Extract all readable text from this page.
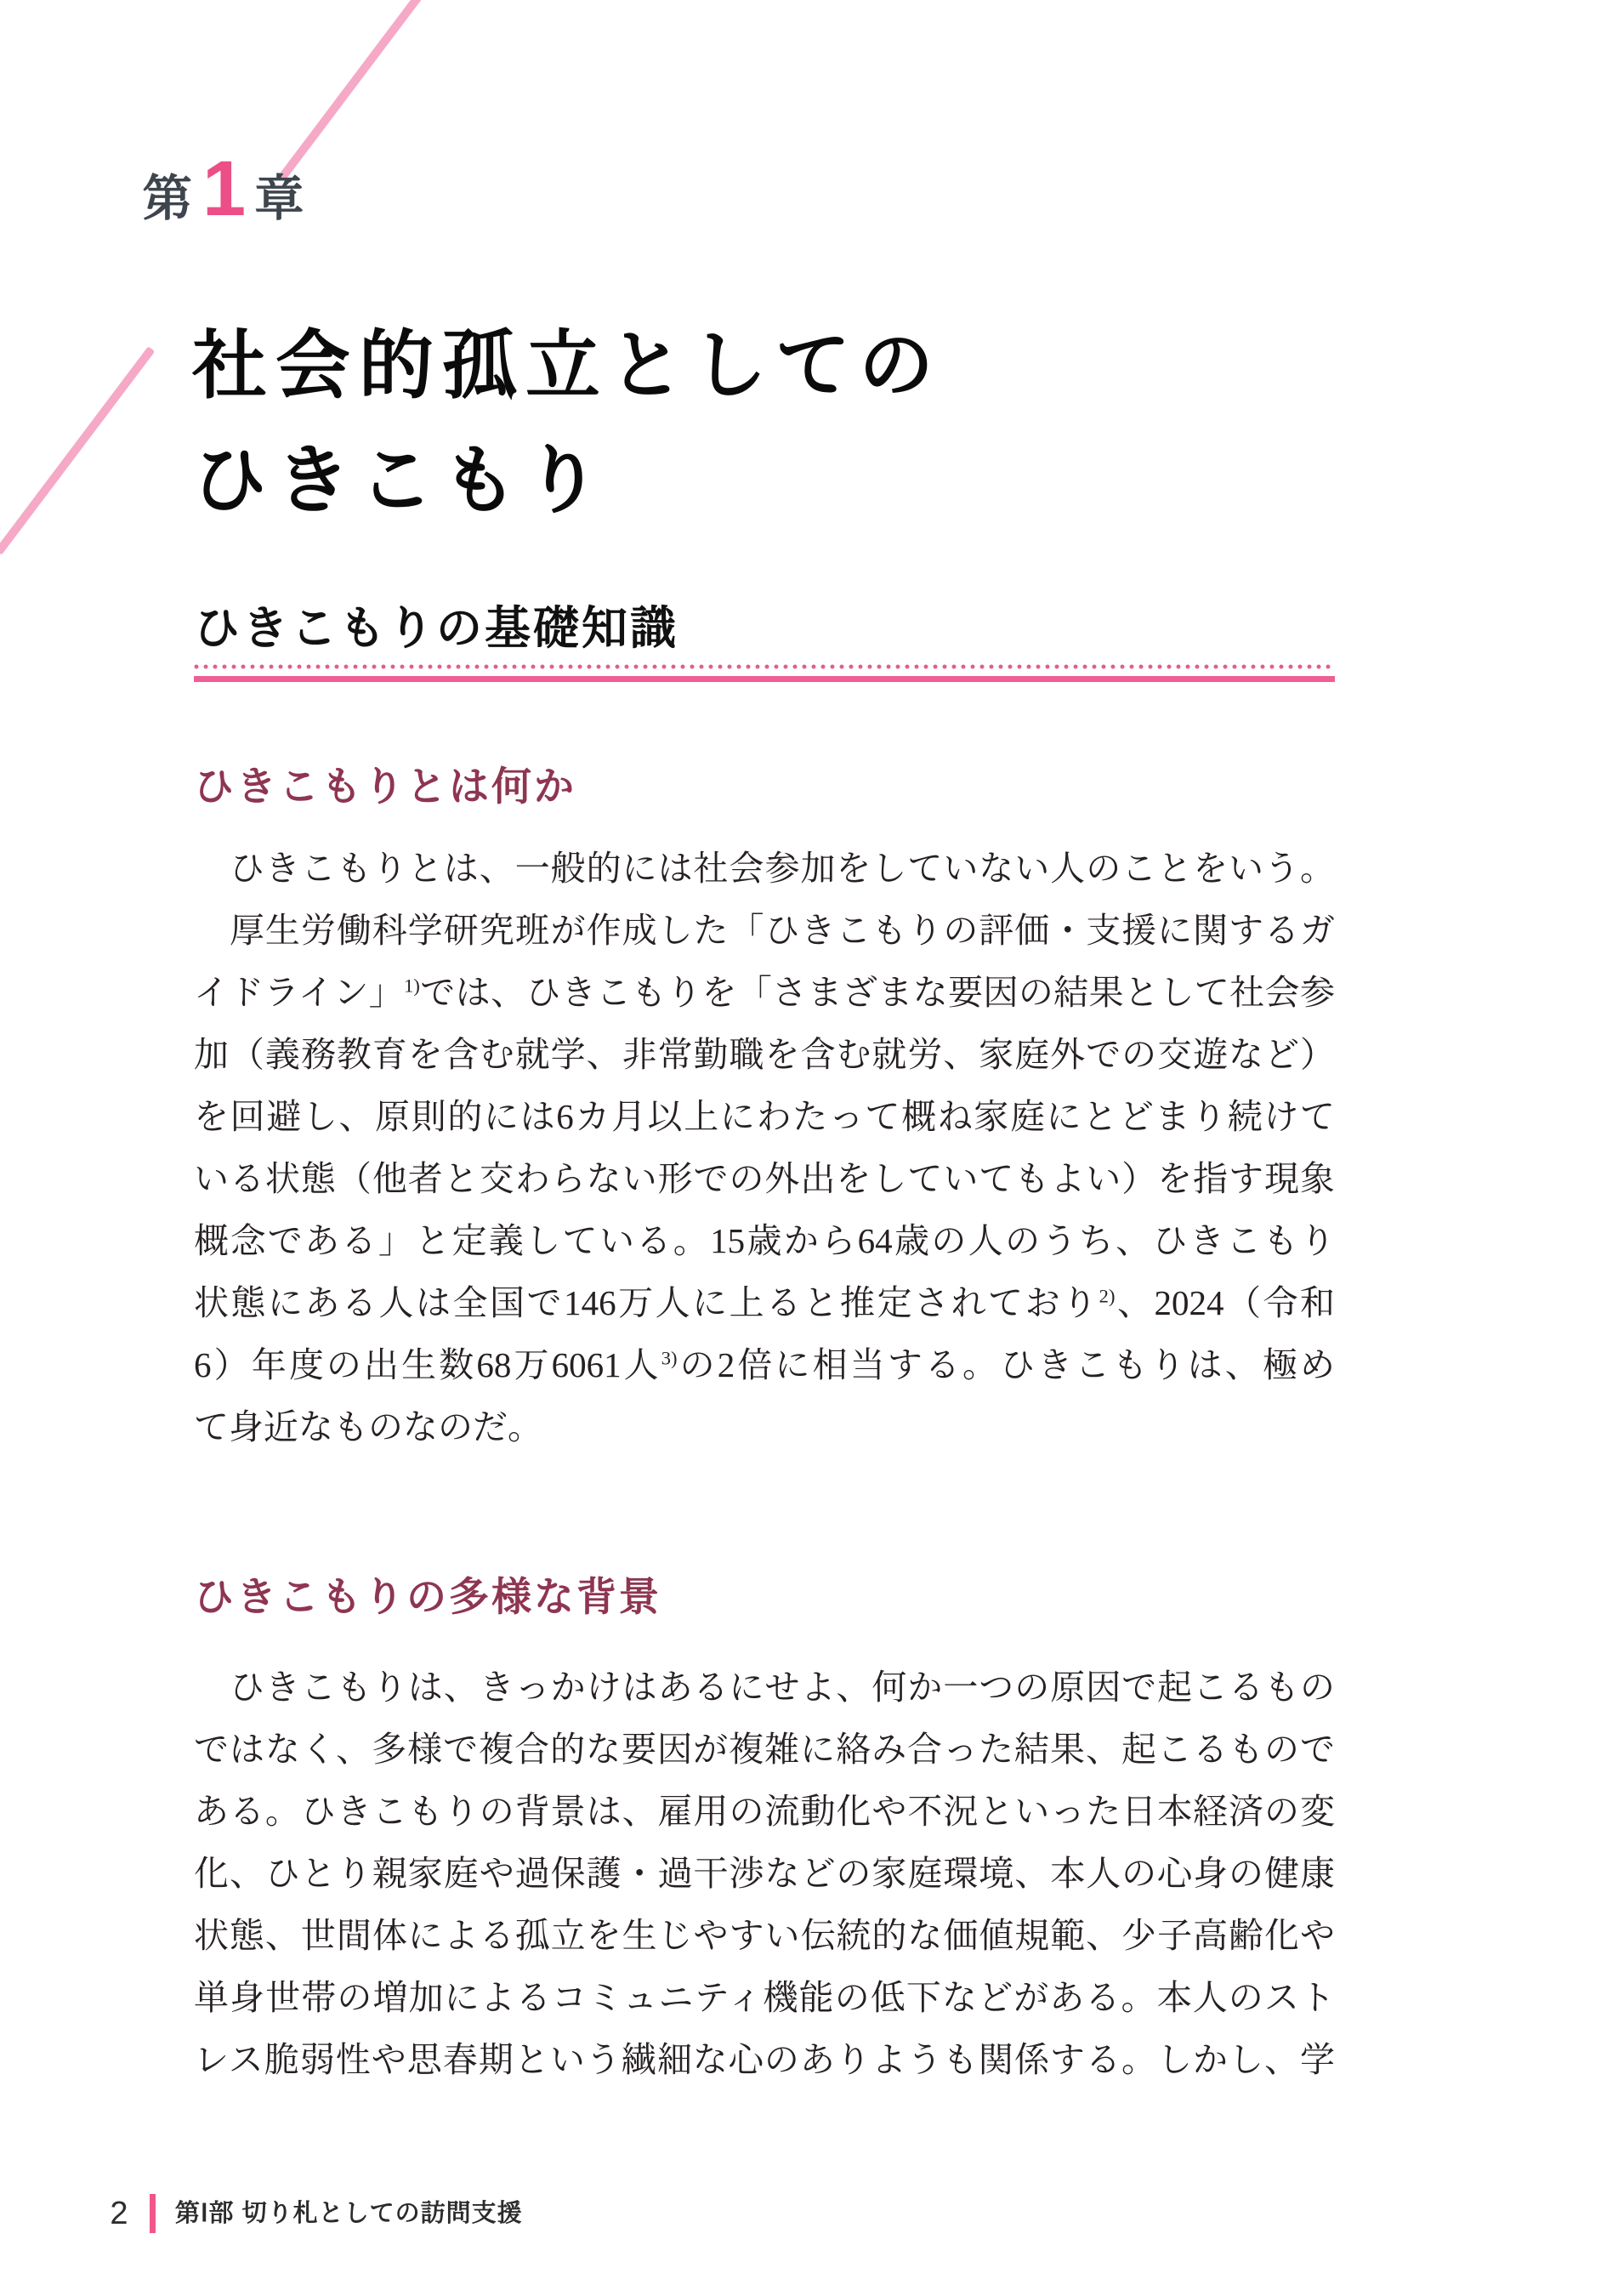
第 1 章
社会的孤立としての
ひきこもり
ひきこもりの基礎知識
ひきこもりとは何か
　ひきこもりとは、一般的には社会参加をしていない人のことをいう。
　厚生労働科学研究班が作成した「ひきこもりの評価・支援に関するガ
イドライン」$^{1)}$では、ひきこもりを「さまざまな要因の結果として社会参
加（義務教育を含む就学、非常勤職を含む就労、家庭外での交遊など）
を回避し、原則的には6カ月以上にわたって概ね家庭にとどまり続けて
いる状態（他者と交わらない形での外出をしていてもよい）を指す現象
概念である」と定義している。15歳から64歳の人のうち、ひきこもり
状態にある人は全国で146万人に上ると推定されており$^{2)}$、2024（令和
6）年度の出生数68万6061人$^{3)}$の2倍に相当する。ひきこもりは、極め
て身近なものなのだ。
ひきこもりの多様な背景
　ひきこもりは、きっかけはあるにせよ、何か一つの原因で起こるもの
ではなく、多様で複合的な要因が複雑に絡み合った結果、起こるもので
ある。ひきこもりの背景は、雇用の流動化や不況といった日本経済の変
化、ひとり親家庭や過保護・過干渉などの家庭環境、本人の心身の健康
状態、世間体による孤立を生じやすい伝統的な価値規範、少子高齢化や
単身世帯の増加によるコミュニティ機能の低下などがある。本人のスト
レス脆弱性や思春期という繊細な心のありようも関係する。しかし、学
2	第Ⅰ部 切り札としての訪問支援
